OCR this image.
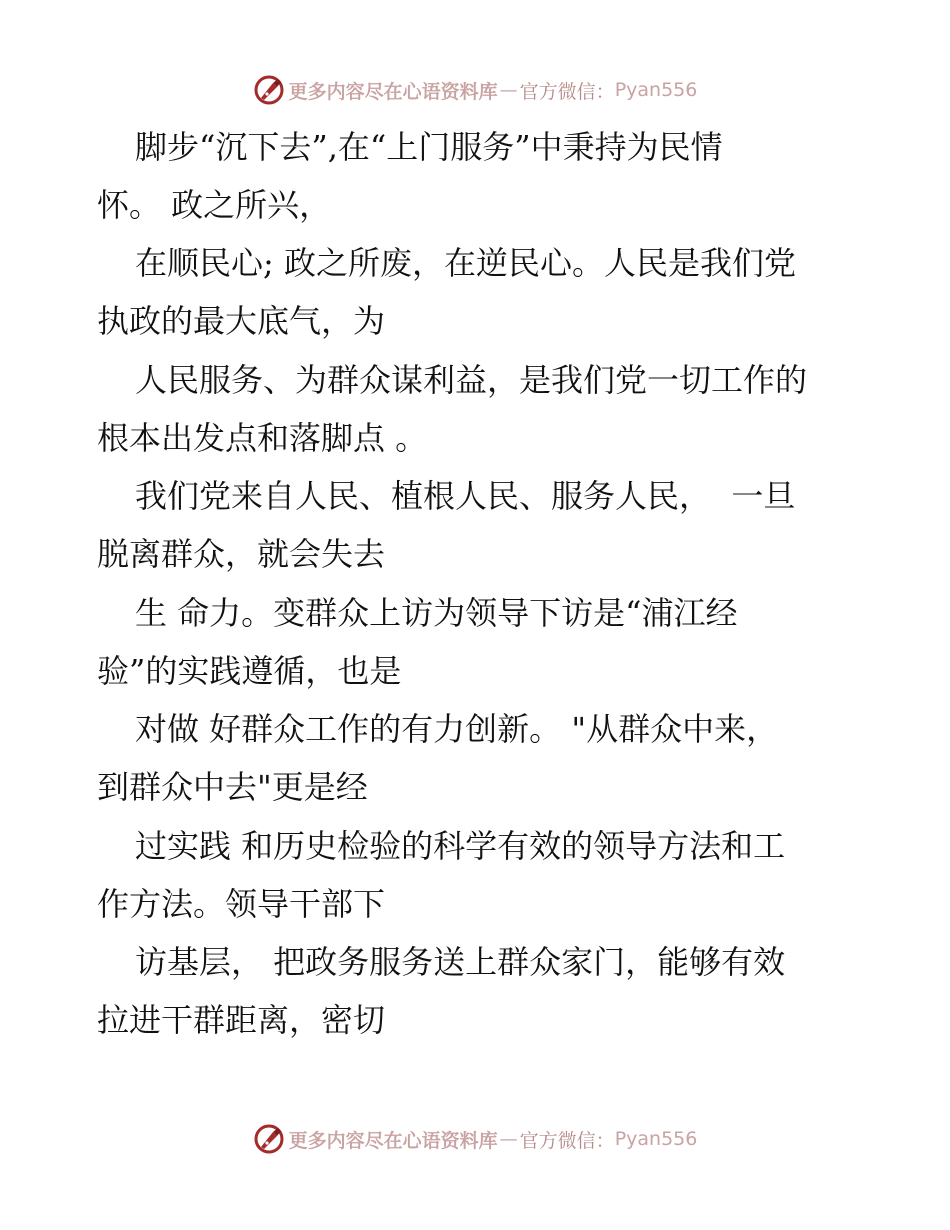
更多内容尽在心语资料库 — 官方微信： Pyan556
脚步“沉下去”,在“上门服务”中秉持为民情
怀。 政之所兴，
在顺民心; 政之所废，在逆民心。人民是我们党
执政的最大底气，为
人民服务、为群众谋利益，是我们党一切工作的
根本出发点和落脚点 。
我们党来自人民、植根人民、服务人民，  一旦
脱离群众，就会失去
生 命力。变群众上访为领导下访是“浦江经
验”的实践遵循，也是
对做 好群众工作的有力创新。 "从群众中来，
到群众中去"更是经
过实践 和历史检验的科学有效的领导方法和工
作方法。领导干部下
访基层， 把政务服务送上群众家门，能够有效
拉进干群距离，密切
更多内容尽在心语资料库 — 官方微信： Pyan556
